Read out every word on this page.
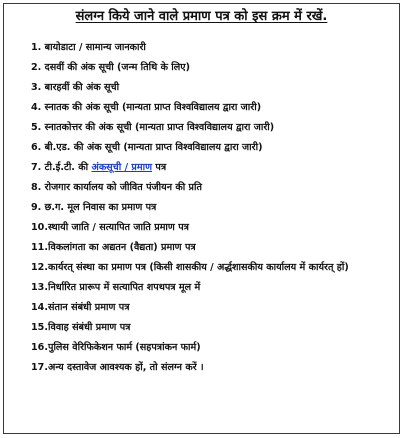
संलग्न किये जाने वाले प्रमाण पत्र को इस क्रम में रखें.
1. बायोडाटा / सामान्य जानकारी
2. दसवीं की अंक सूची (जन्म तिथि के लिए)
3. बारहवीं की अंक सूची
4. स्नातक की अंक सूची (मान्यता प्राप्त विश्वविद्यालय द्वारा जारी)
5. स्नातकोत्तर की अंक सूची (मान्यता प्राप्त विश्वविद्यालय द्वारा जारी)
6. बी.एड. की अंक सूची (मान्यता प्राप्त विश्वविद्यालय द्वारा जारी)
7. टी.ई.टी. की अंकसूची / प्रमाण पत्र
8. रोजगार कार्यालय को जीवित पंजीयन की प्रति
9. छ.ग. मूल निवास का प्रमाण पत्र
10.स्थायी जाति / सत्यापित जाति प्रमाण पत्र
11.विकलांगता का अद्यतन (वैद्यता) प्रमाण पत्र
12.कार्यरत् संस्था का प्रमाण पत्र (किसी शासकीय / अर्द्धशासकीय कार्यालय में कार्यरत् हों)
13.निर्धारित प्रारूप में सत्यापित शपथपत्र मूल में
14.संतान संबंधी प्रमाण पत्र
15.विवाह संबंधी प्रमाण पत्र
16.पुलिस वेरिफिकेशन फार्म (सहपत्रांकन फार्म)
17.अन्य दस्तावेज आवश्यक हों, तो संलग्न करें ।
